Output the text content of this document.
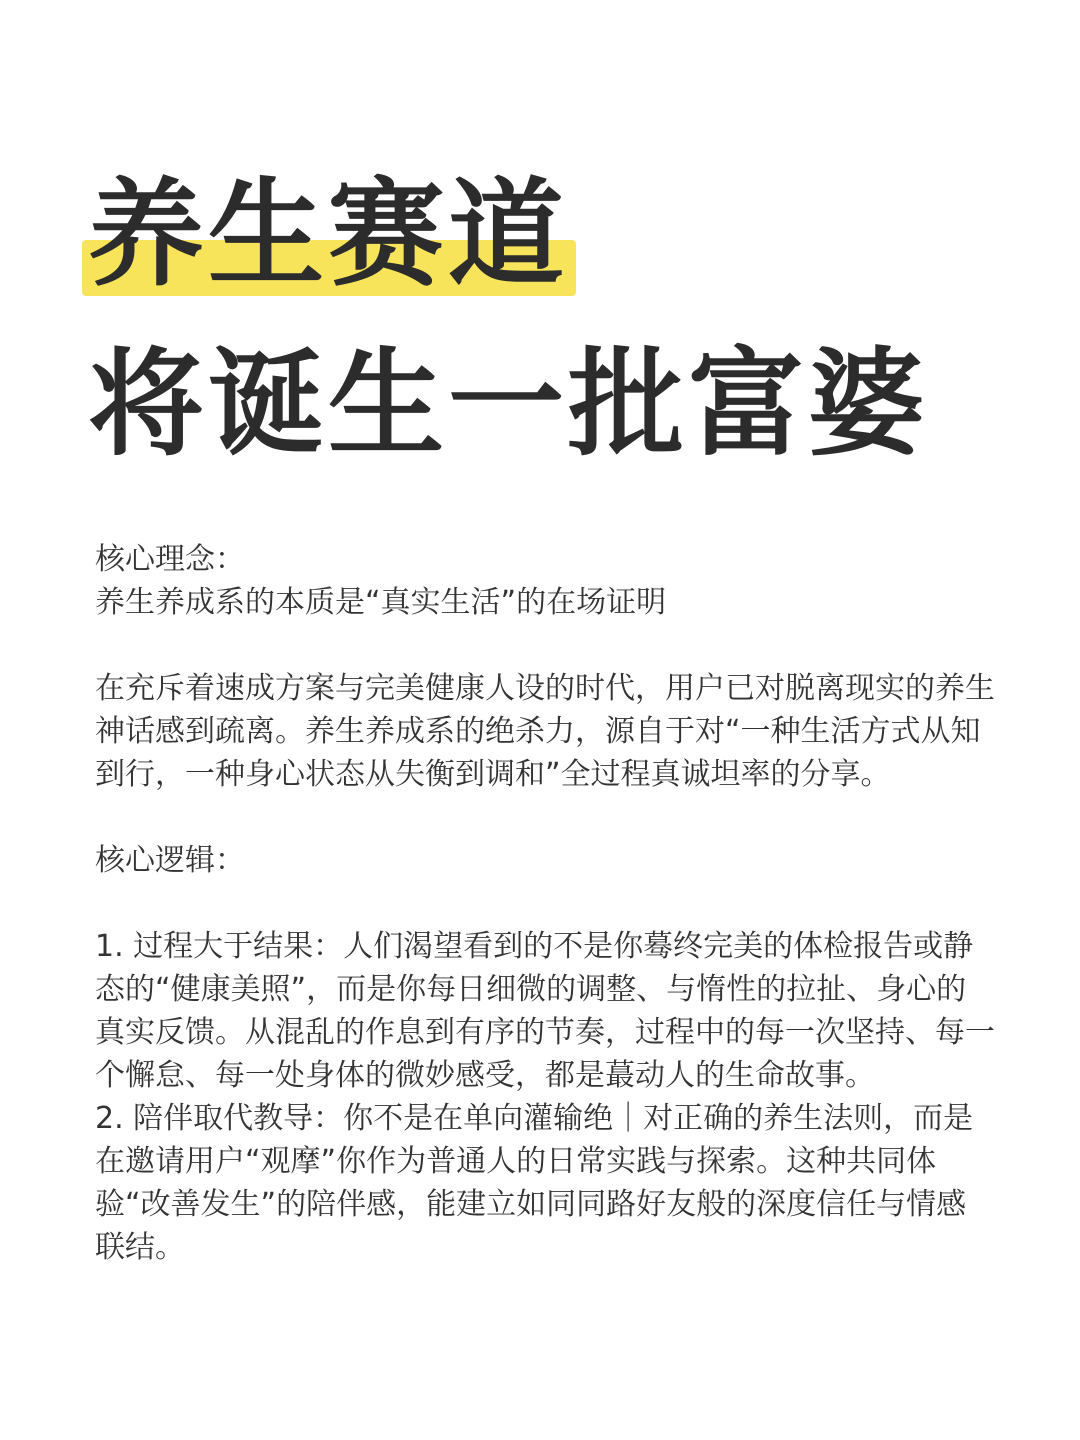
养生赛道
将诞生一批富婆

核心理念：

养生养成系的本质是“真实生活”的在场证明

在充斥着速成方案与完美健康人设的时代，用户已对脱离现实的养生神话感到疏离。养生养成系的绝杀力，源自于对“一种生活方式从知到行，一种身心状态从失衡到调和”全过程真诚坦率的分享。

核心逻辑：

1. 过程大于结果：人们渴望看到的不是你蓦终完美的体检报告或静态的“健康美照”，而是你每日细微的调整、与惰性的拉扯、身心的真实反馈。从混乱的作息到有序的节奏，过程中的每一次坚持、每一个懈怠、每一处身体的微妙感受，都是蕞动人的生命故事。

2. 陪伴取代教导：你不是在单向灌输绝｜对正确的养生法则，而是在邀请用户“观摩”你作为普通人的日常实践与探索。这种共同体验“改善发生”的陪伴感，能建立如同同路好友般的深度信任与情感联结。
